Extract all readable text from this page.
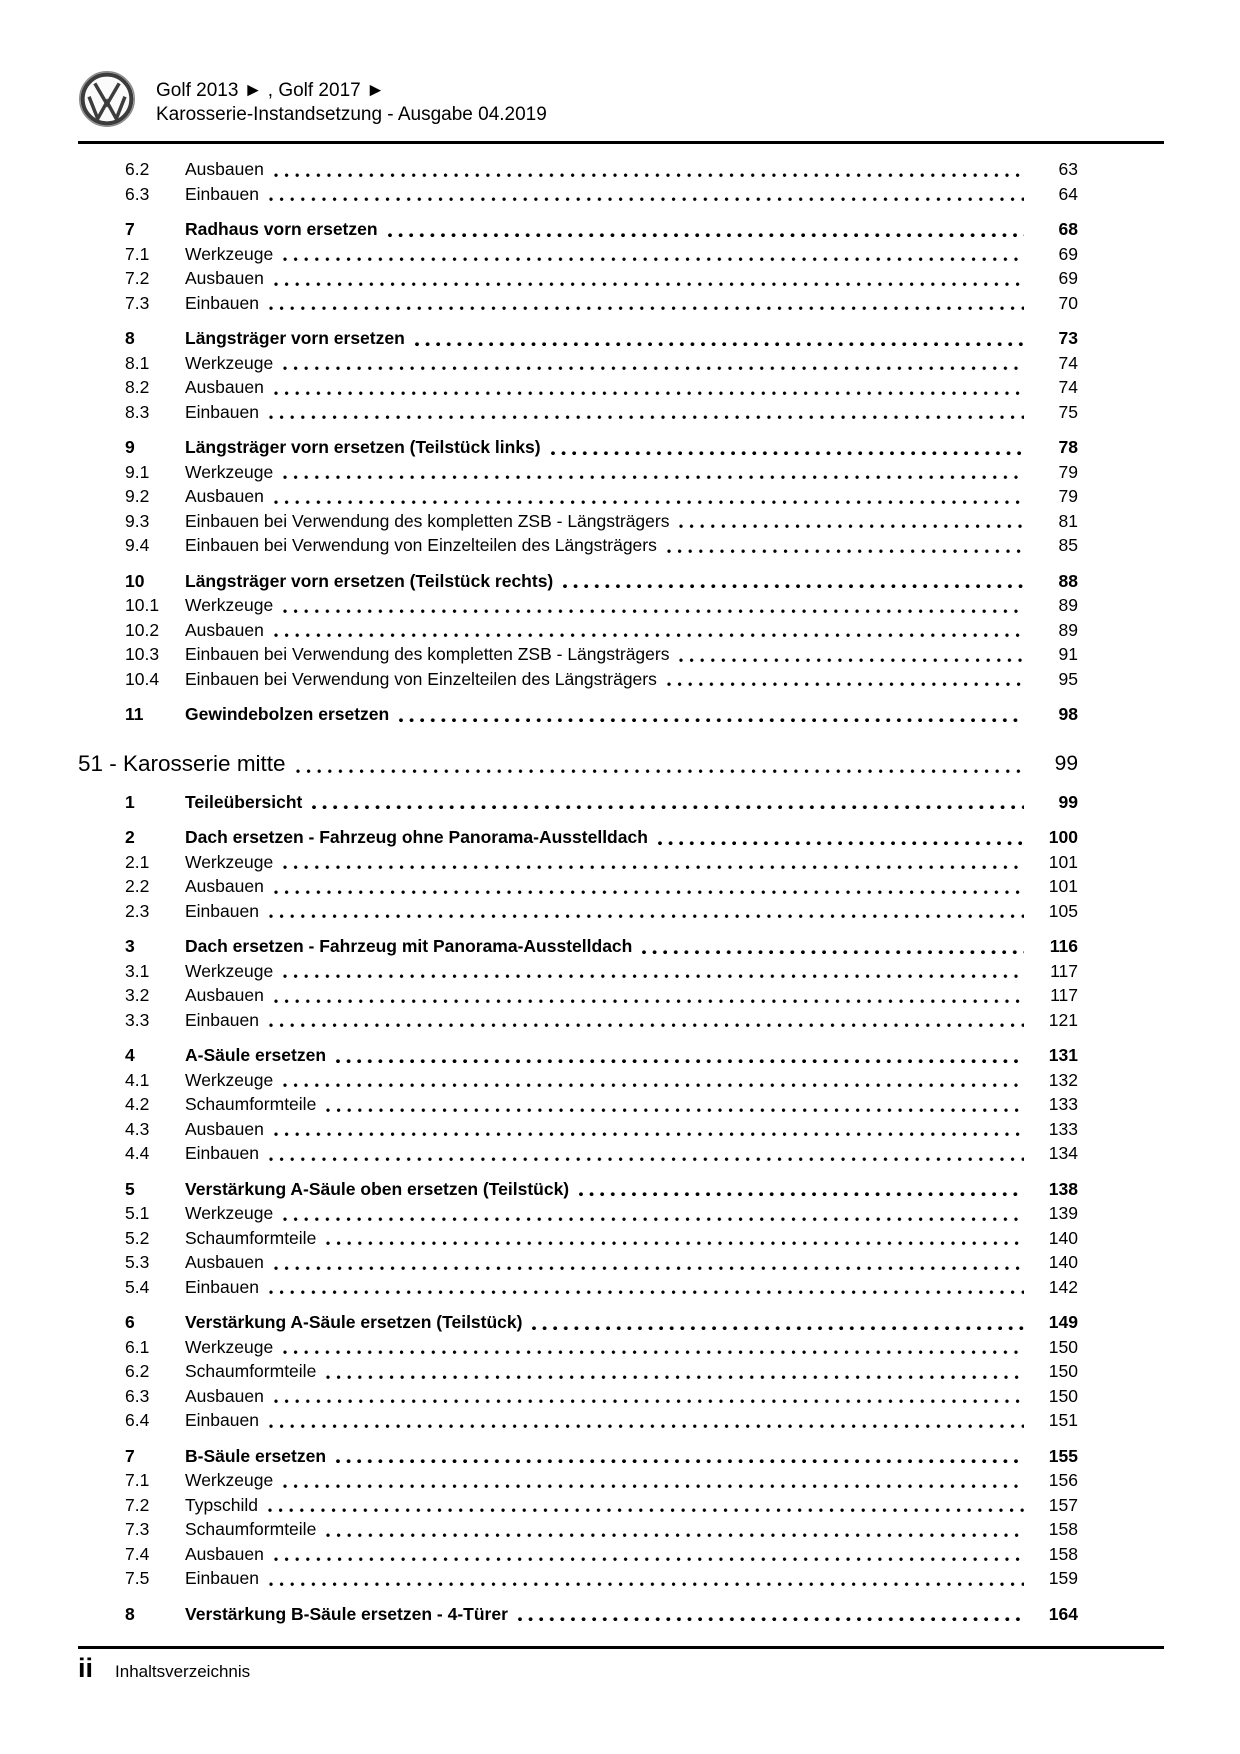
Golf 2013 ► , Golf 2017 ►
Karosserie-Instandsetzung - Ausgabe 04.2019
6.2	Ausbauen	63
6.3	Einbauen	64
7	Radhaus vorn ersetzen	68
7.1	Werkzeuge	69
7.2	Ausbauen	69
7.3	Einbauen	70
8	Längsträger vorn ersetzen	73
8.1	Werkzeuge	74
8.2	Ausbauen	74
8.3	Einbauen	75
9	Längsträger vorn ersetzen (Teilstück links)	78
9.1	Werkzeuge	79
9.2	Ausbauen	79
9.3	Einbauen bei Verwendung des kompletten ZSB - Längsträgers	81
9.4	Einbauen bei Verwendung von Einzelteilen des Längsträgers	85
10	Längsträger vorn ersetzen (Teilstück rechts)	88
10.1	Werkzeuge	89
10.2	Ausbauen	89
10.3	Einbauen bei Verwendung des kompletten ZSB - Längsträgers	91
10.4	Einbauen bei Verwendung von Einzelteilen des Längsträgers	95
11	Gewindebolzen ersetzen	98
51 - Karosserie mitte	99
1	Teileübersicht	99
2	Dach ersetzen - Fahrzeug ohne Panorama-Ausstelldach	100
2.1	Werkzeuge	101
2.2	Ausbauen	101
2.3	Einbauen	105
3	Dach ersetzen - Fahrzeug mit Panorama-Ausstelldach	116
3.1	Werkzeuge	117
3.2	Ausbauen	117
3.3	Einbauen	121
4	A-Säule ersetzen	131
4.1	Werkzeuge	132
4.2	Schaumformteile	133
4.3	Ausbauen	133
4.4	Einbauen	134
5	Verstärkung A-Säule oben ersetzen (Teilstück)	138
5.1	Werkzeuge	139
5.2	Schaumformteile	140
5.3	Ausbauen	140
5.4	Einbauen	142
6	Verstärkung A-Säule ersetzen (Teilstück)	149
6.1	Werkzeuge	150
6.2	Schaumformteile	150
6.3	Ausbauen	150
6.4	Einbauen	151
7	B-Säule ersetzen	155
7.1	Werkzeuge	156
7.2	Typschild	157
7.3	Schaumformteile	158
7.4	Ausbauen	158
7.5	Einbauen	159
8	Verstärkung B-Säule ersetzen - 4-Türer	164
ii Inhaltsverzeichnis
